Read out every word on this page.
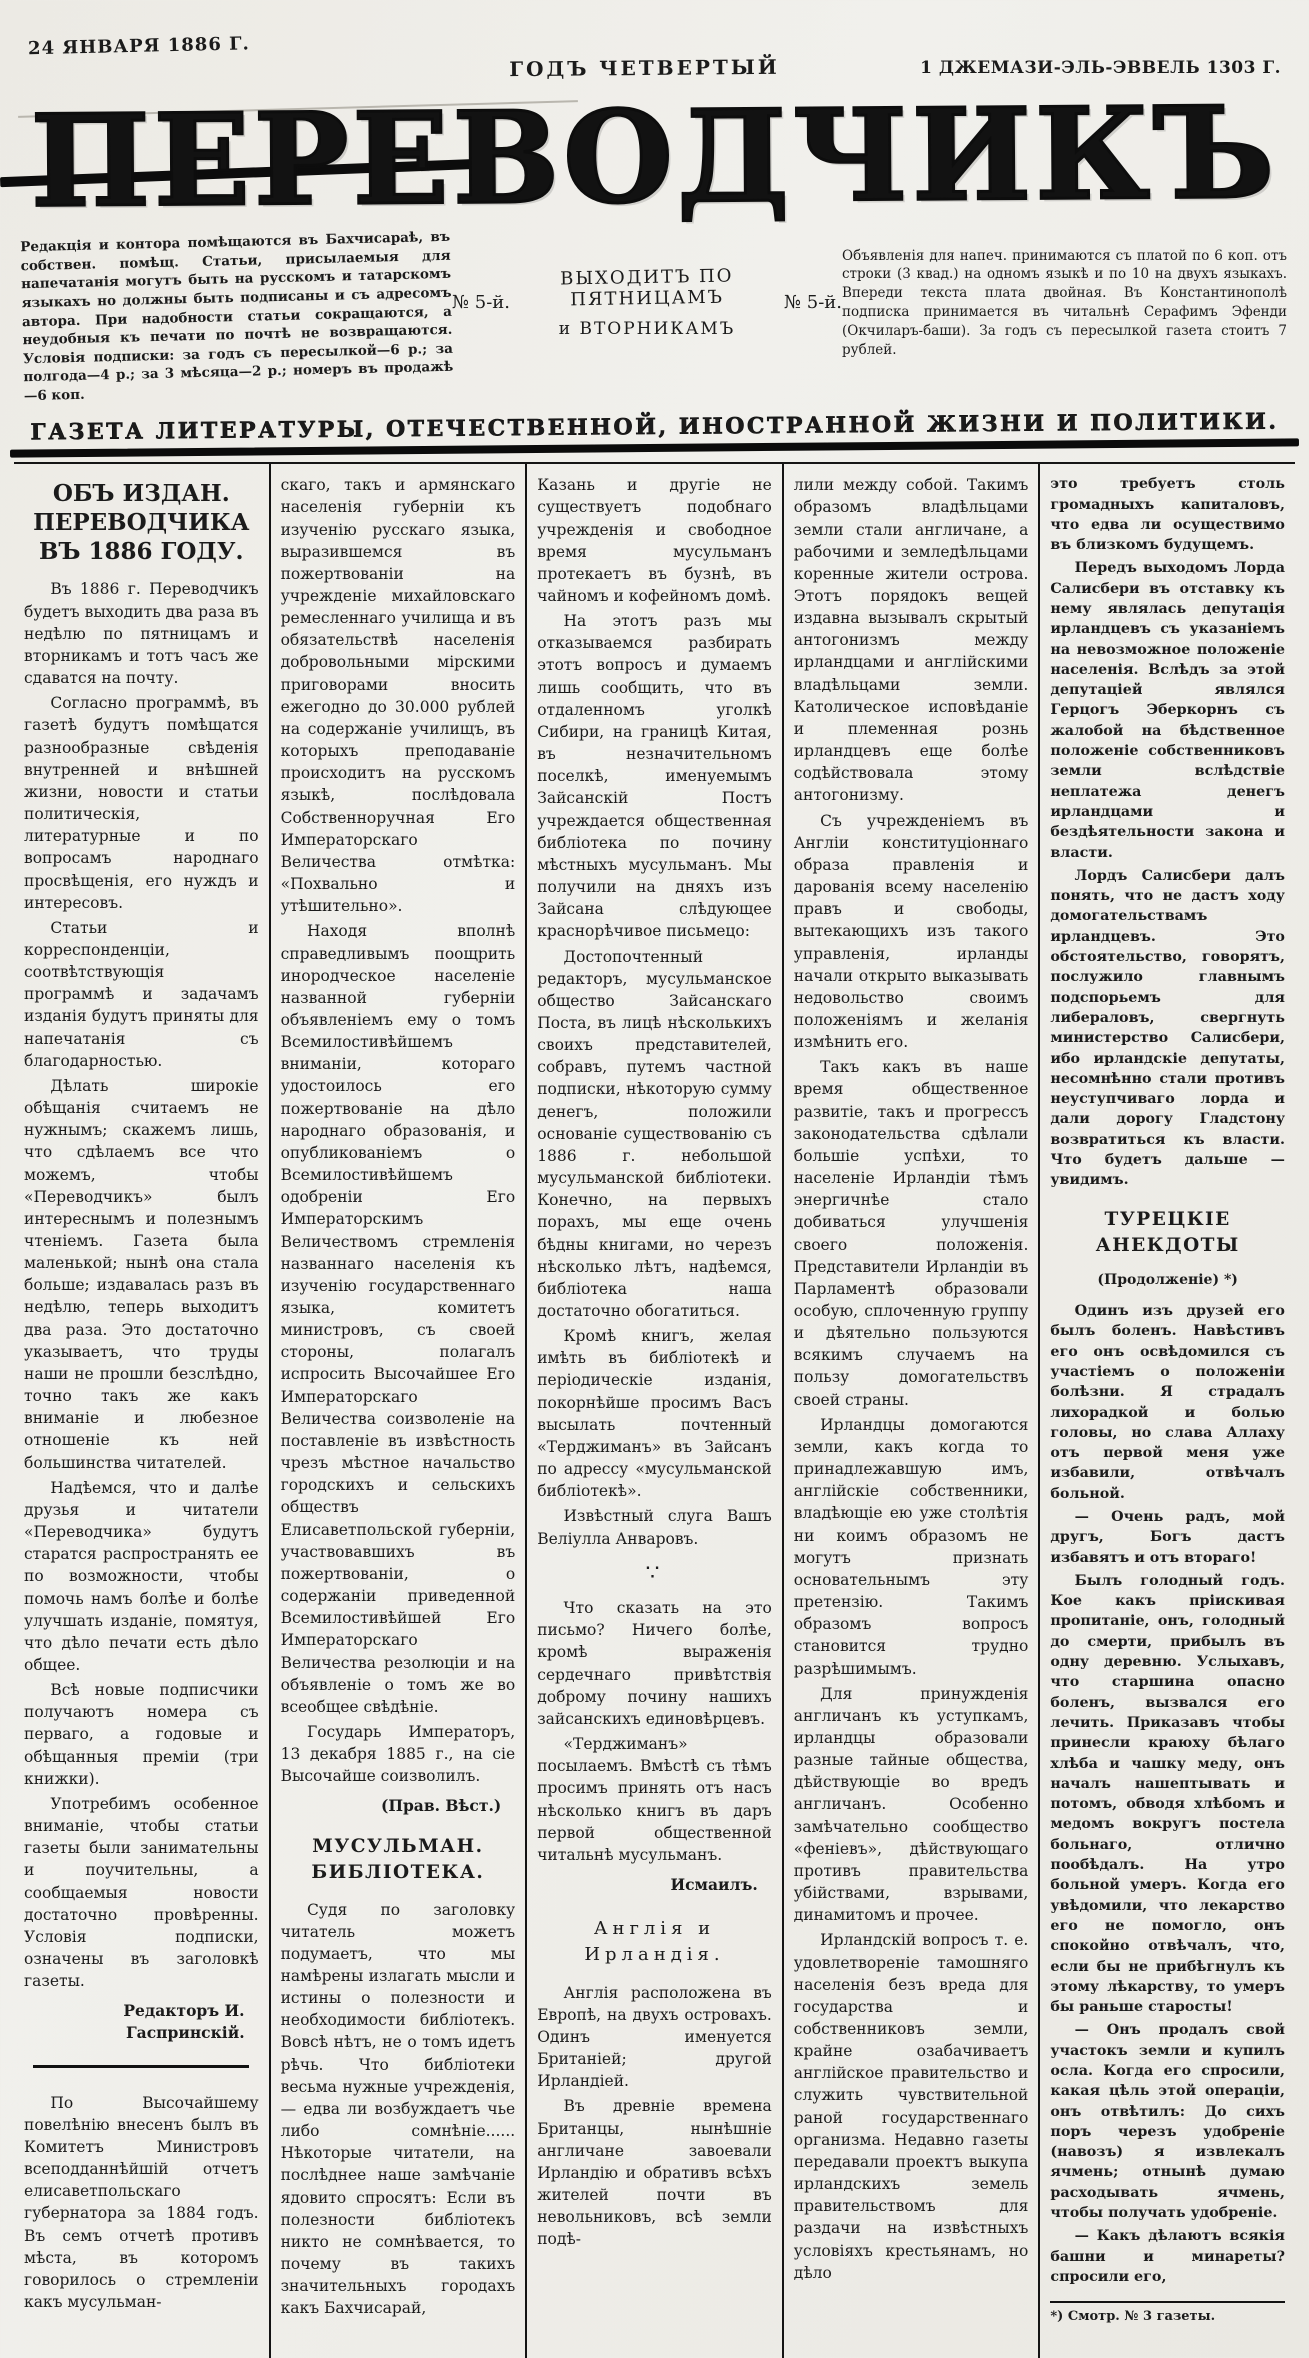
24 ЯНВАРЯ 1886 Г.
ГОДЪ ЧЕТВЕРТЫЙ	1 ДЖЕМАЗИ-ЭЛЬ-ЭВВЕЛЬ 1303 Г.
ПЕРЕВОДЧИКЪ
Редакція и контора помѣщаются въ Бахчисараѣ, въ собствен. помѣщ. Статьи, присылаемыя для напечатанія могутъ быть на русскомъ и татарскомъ языкахъ но должны быть подписаны и съ адресомъ автора. При надобности статьи сокращаются, а неудобныя къ печати по почтѣ не возвращаются. Условія подписки: за годъ съ пересылкой—6 р.; за полгода—4 р.; за 3 мѣсяца—2 р.; номеръ въ продажѣ—6 коп.
№ 5-й.
ВЫХОДИТЪ ПО ПЯТНИЦАМЪ
и ВТОРНИКАМЪ
№ 5-й.
Объявленія для напеч. принимаются съ платой по 6 коп. отъ строки (3 квад.) на одномъ языкѣ и по 10 на двухъ языкахъ. Впереди текста плата двойная. Въ Константинополѣ подписка принимается въ читальнѣ Серафимъ Эфенди (Окчиларъ-баши). За годъ съ пересылкой газета стоитъ 7 рублей.
ГАЗЕТА ЛИТЕРАТУРЫ, ОТЕЧЕСТВЕННОЙ, ИНОСТРАННОЙ ЖИЗНИ И ПОЛИТИКИ.
ОБЪ ИЗДАН. ПЕРЕВОДЧИКА ВЪ 1886 ГОДУ.
Въ 1886 г. Переводчикъ будетъ выходить два раза въ недѣлю по пятницамъ и вторникамъ и тотъ часъ же сдаватся на почту.
Согласно программѣ, въ газетѣ будутъ помѣщатся разнообразные свѣденія внутренней и внѣшней жизни, новости и статьи политическія, литературные и по вопросамъ народнаго просвѣщенія, его нуждъ и интересовъ.
Статьи и корреспонденціи, соотвѣтствующія программѣ и задачамъ изданія будутъ приняты для напечатанія съ благодарностью.
Дѣлать широкіе обѣщанія считаемъ не нужнымъ; скажемъ лишь, что сдѣлаемъ все что можемъ, чтобы «Переводчикъ» былъ интереснымъ и полезнымъ чтеніемъ. Газета была маленькой; нынѣ она стала больше; издавалась разъ въ недѣлю, теперь выходитъ два раза. Это достаточно указываетъ, что труды наши не прошли безслѣдно, точно такъ же какъ вниманіе и любезное отношеніе къ ней большинства читателей.
Надѣемся, что и далѣе друзья и читатели «Переводчика» будутъ старатся распространять ее по возможности, чтобы помочь намъ болѣе и болѣе улучшать изданіе, помятуя, что дѣло печати есть дѣло общее.
Всѣ новые подписчики получаютъ номера съ перваго, а годовые и обѣщанныя преміи (три книжки).
Употребимъ особенное вниманіе, чтобы статьи газеты были занимательны и поучительны, а сообщаемыя новости достаточно провѣренны. Условія подписки, означены въ заголовкѣ газеты.
Редакторъ И. Гаспринскій.
По Высочайшему повелѣнію внесенъ былъ въ Комитетъ Министровъ всеподданнѣйшій отчетъ елисаветпольскаго губернатора за 1884 годъ. Въ семъ отчетѣ противъ мѣста, въ которомъ говорилось о стремленіи какъ мусульман-
скаго, такъ и армянскаго населенія губерніи къ изученію русскаго языка, выразившемся въ пожертвованіи на учрежденіе михайловскаго ремесленнаго училища и въ обязательствѣ населенія добровольными мірскими приговорами вносить ежегодно до 30.000 рублей на содержаніе училищъ, въ которыхъ преподаваніе происходитъ на русскомъ языкѣ, послѣдовала Собственноручная Его Императорскаго Величества отмѣтка: «Похвально и утѣшительно».
Находя вполнѣ справедливымъ поощрить инородческое населеніе названной губерніи объявленіемъ ему о томъ Всемилостивѣйшемъ вниманіи, котораго удостоилось его пожертвованіе на дѣло народнаго образованія, и опубликованіемъ о Всемилостивѣйшемъ одобреніи Его Императорскимъ Величествомъ стремленія названнаго населенія къ изученію государственнаго языка, комитетъ министровъ, съ своей стороны, полагалъ испросить Высочайшее Его Императорскаго Величества соизволеніе на поставленіе въ извѣстность чрезъ мѣстное начальство городскихъ и сельскихъ обществъ Елисаветпольской губерніи, участвовавшихъ въ пожертвованіи, о содержаніи приведенной Всемилостивѣйшей Его Императорскаго Величества резолюціи и на объявленіе о томъ же во всеобщее свѣдѣніе.
Государь Императоръ, 13 декабря 1885 г., на сіе Высочайше соизволилъ.
(Прав. Вѣст.)
МУСУЛЬМАН. БИБЛІОТЕКА.
Судя по заголовку читатель можетъ подумаетъ, что мы намѣрены излагать мысли и истины о полезности и необходимости библіотекъ. Вовсѣ нѣтъ, не о томъ идетъ рѣчь. Что библіотеки весьма нужные учрежденія, — едва ли возбуждаетъ чье либо сомнѣніе...... Нѣкоторые читатели, на послѣднее наше замѣчаніе ядовито спросятъ: Если въ полезности библіотекъ никто не сомнѣвается, то почему въ такихъ значительныхъ городахъ какъ Бахчисарай,
Казань и другіе не существуетъ подобнаго учрежденія и свободное время мусульманъ протекаетъ въ бузнѣ, въ чайномъ и кофейномъ домѣ.
На этотъ разъ мы отказываемся разбирать этотъ вопросъ и думаемъ лишь сообщить, что въ отдаленномъ уголкѣ Сибири, на границѣ Китая, въ незначительномъ поселкѣ, именуемымъ Зайсанскій Постъ учреждается общественная библіотека по почину мѣстныхъ мусульманъ. Мы получили на дняхъ изъ Зайсана слѣдующее краснорѣчивое письмецо:
Достопочтенный редакторъ, мусульманское общество Зайсанскаго Поста, въ лицѣ нѣсколькихъ своихъ представителей, собравъ, путемъ частной подписки, нѣкоторую сумму денегъ, положили основаніе существованію съ 1886 г. небольшой мусульманской библіотеки. Конечно, на первыхъ порахъ, мы еще очень бѣдны книгами, но черезъ нѣсколько лѣтъ, надѣемся, библіотека наша достаточно обогатиться.
Кромѣ книгъ, желая имѣть въ библіотекѣ и періодическіе изданія, покорнѣйше просимъ Васъ высылать почтенный «Терджиманъ» въ Зайсанъ по адрессу «мусульманской библіотекѣ».
Извѣстный слуга Вашъ Веліулла Анваровъ.
∵
Что сказать на это письмо? Ничего болѣе, кромѣ выраженія сердечнаго привѣтствія доброму почину нашихъ зайсанскихъ единовѣрцевъ.
«Терджиманъ» посылаемъ. Вмѣстѣ съ тѣмъ просимъ принять отъ насъ нѣсколько книгъ въ даръ первой общественной читальнѣ мусульманъ.
Исмаилъ.
Англія и Ирландія.
Англія расположена въ Европѣ, на двухъ островахъ. Одинъ именуется Британіей; другой Ирландіей.
Въ древніе времена Британцы, нынѣшніе англичане завоевали Ирландію и обративъ всѣхъ жителей почти въ невольниковъ, всѣ земли подѣ-
лили между собой. Такимъ образомъ владѣльцами земли стали англичане, а рабочими и земледѣльцами коренные жители острова. Этотъ порядокъ вещей издавна вызывалъ скрытый антогонизмъ между ирландцами и англійскими владѣльцами земли. Католическое исповѣданіе и племенная рознь ирландцевъ еще болѣе содѣйствовала этому антогонизму.
Съ учрежденіемъ въ Англіи конституціоннаго образа правленія и дарованія всему населенію правъ и свободы, вытекающихъ изъ такого управленія, ирланды начали открыто выказывать недовольство своимъ положеніямъ и желанія измѣнить его.
Такъ какъ въ наше время общественное развитіе, такъ и прогрессъ законодательства сдѣлали большіе успѣхи, то населеніе Ирландіи тѣмъ энергичнѣе стало добиваться улучшенія своего положенія. Представители Ирландіи въ Парламентѣ образовали особую, сплоченную группу и дѣятельно пользуются всякимъ случаемъ на пользу домогательствъ своей страны.
Ирландцы домогаются земли, какъ когда то принадлежавшую имъ, англійскіе собственники, владѣющіе ею уже столѣтія ни коимъ образомъ не могутъ признать основательнымъ эту претензію. Такимъ образомъ вопросъ становится трудно разрѣшимымъ.
Для принужденія англичанъ къ уступкамъ, ирландцы образовали разные тайные общества, дѣйствующіе во вредъ англичанъ. Особенно замѣчательно сообщество «феніевъ», дѣйствующаго противъ правительства убійствами, взрывами, динамитомъ и прочее.
Ирландскій вопросъ т. е. удовлетвореніе тамошняго населенія безъ вреда для государства и собственниковъ земли, крайне озабачиваетъ англійское правительство и служить чувствительной раной государственнаго организма. Недавно газеты передавали проектъ выкупа ирландскихъ земель правительствомъ для раздачи на извѣстныхъ условіяхъ крестьянамъ, но дѣло
это требуетъ столь громадныхъ капиталовъ, что едва ли осуществимо въ близкомъ будущемъ.
Передъ выходомъ Лорда Салисбери въ отставку къ нему являлась депутація ирландцевъ съ указаніемъ на невозможное положеніе населенія. Вслѣдъ за этой депутаціей являлся Герцогъ Эберкорнъ съ жалобой на бѣдственное положеніе собственниковъ земли вслѣдствіе неплатежа денегъ ирландцами и бездѣятельности закона и власти.
Лордъ Салисбери далъ понять, что не дастъ ходу домогательствамъ ирландцевъ. Это обстоятельство, говорятъ, послужило главнымъ подспорьемъ для либераловъ, свергнуть министерство Салисбери, ибо ирландскіе депутаты, несомнѣнно стали противъ неуступчиваго лорда и дали дорогу Гладстону возвратиться къ власти. Что будетъ дальше — увидимъ.
ТУРЕЦКІЕ АНЕКДОТЫ
(Продолженіе) *)
Одинъ изъ друзей его былъ боленъ. Навѣстивъ его онъ освѣдомился съ участіемъ о положеніи болѣзни. Я страдалъ лихорадкой и болью головы, но слава Аллаху отъ первой меня уже избавили, отвѣчалъ больной.
— Очень радъ, мой другъ, Богъ дастъ избавятъ и отъ втораго!
Былъ голодный годъ. Кое какъ пріискивая пропитаніе, онъ, голодный до смерти, прибылъ въ одну деревню. Услыхавъ, что старшина опасно боленъ, вызвался его лечить. Приказавъ чтобы принесли краюху бѣлаго хлѣба и чашку меду, онъ началъ нашептывать и потомъ, обводя хлѣбомъ и медомъ вокругъ постела больнаго, отлично пообѣдалъ. На утро больной умеръ. Когда его увѣдомили, что лекарство его не помогло, онъ спокойно отвѣчалъ, что, если бы не прибѣгнулъ къ этому лѣкарству, то умеръ бы раньше старосты!
— Онъ продалъ свой участокъ земли и купилъ осла. Когда его спросили, какая цѣль этой операціи, онъ отвѣтилъ: До сихъ поръ черезъ удобреніе (навозъ) я извлекалъ ячмень; отнынѣ думаю расходывать ячмень, чтобы получать удобреніе.
— Какъ дѣлаютъ всякія башни и минареты? спросили его,
*) Смотр. № 3 газеты.
